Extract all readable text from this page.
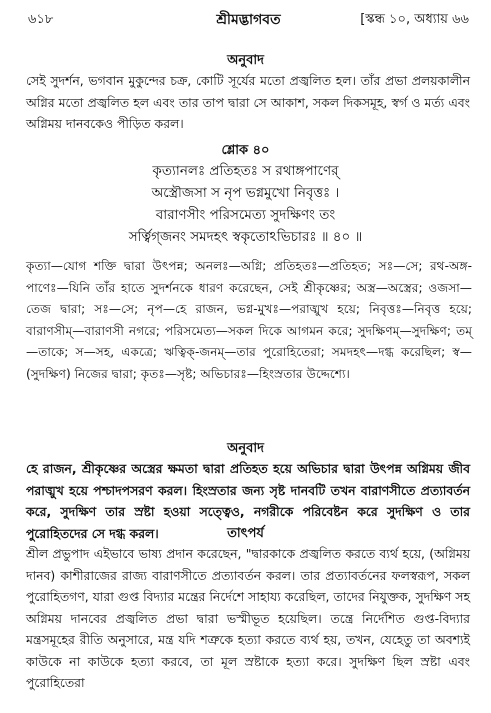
৬১৮	শ্রীমদ্ভাগবত	[স্কন্ধ ১০, অধ্যায় ৬৬
অনুবাদ

সেই সুদর্শন, ভগবান মুকুন্দের চক্র, কোটি সূর্যের মতো প্রজ্বলিত হল। তাঁর প্রভা প্রলয়কালীন অগ্নির মতো প্রজ্বলিত হল এবং তার তাপ দ্বারা সে আকাশ, সকল দিকসমূহ, স্বর্গ ও মর্ত্য এবং অগ্নিময় দানবকেও পীড়িত করল।

শ্লোক ৪০
কৃত্যানলঃ প্রতিহতঃ স রথাঙ্গপাণের্
অস্ত্রৌজসা স নৃপ ভগ্নমুখো নিবৃত্তঃ ।
বারাণসীং পরিসমেত্য সুদক্ষিণং তং
সর্ত্বিগ্জনং সমদহৎ স্বকৃতোঽভিচারঃ ॥ ৪০ ॥

কৃত্যা—যোগ শক্তি দ্বারা উৎপন্ন; অনলঃ—অগ্নি; প্রতিহতঃ—প্রতিহত; সঃ—সে; রথ-অঙ্গ-পাণেঃ—যিনি তাঁর হাতে সুদর্শনকে ধারণ করেছেন, সেই শ্রীকৃষ্ণের; অস্ত্র—অস্ত্রের; ওজসা—তেজ দ্বারা; সঃ—সে; নৃপ—হে রাজন, ভগ্ন-মুখঃ—পরাঙ্মুখ হয়ে; নিবৃত্তঃ—নিবৃত্ত হয়ে; বারাণসীম্—বারাণসী নগরে; পরিসমেত্য—সকল দিকে আগমন করে; সুদক্ষিণম্—সুদক্ষিণ; তম্—তাকে; স—সহ, একত্রে; ঋত্বিক্-জনম্—তার পুরোহিতেরা; সমদহৎ—দগ্ধ করেছিল; স্ব—(সুদক্ষিণ) নিজের দ্বারা; কৃতঃ—সৃষ্ট; অভিচারঃ—হিংস্রতার উদ্দেশ্যে।

অনুবাদ

হে রাজন, শ্রীকৃষ্ণের অস্ত্রের ক্ষমতা দ্বারা প্রতিহত হয়ে অভিচার দ্বারা উৎপন্ন অগ্নিময় জীব পরাঙ্মুখ হয়ে পশ্চাদপসরণ করল। হিংস্রতার জন্য সৃষ্ট দানবটি তখন বারাণসীতে প্রত্যাবর্তন করে, সুদক্ষিণ তার স্রষ্টা হওয়া সত্ত্বেও, নগরীকে পরিবেষ্টন করে সুদক্ষিণ ও তার পুরোহিতদের সে দগ্ধ করল।	তাৎপর্য

শ্রীল প্রভুপাদ এইভাবে ভাষ্য প্রদান করেছেন, "দ্বারকাকে প্রজ্বলিত করতে ব্যর্থ হয়ে, (অগ্নিময় দানব) কাশীরাজের রাজ্য বারাণসীতে প্রত্যাবর্তন করল। তার প্রত্যাবর্তনের ফলস্বরূপ, সকল পুরোহিতগণ, যারা গুপ্ত বিদ্যার মন্ত্রের নির্দেশে সাহায্য করেছিল, তাদের নিযুক্তক, সুদক্ষিণ সহ অগ্নিময় দানবের প্রজ্বলিত প্রভা দ্বারা ভস্মীভূত হয়েছিল। তন্ত্রে নির্দেশিত গুপ্ত-বিদ্যার মন্ত্রসমূহের রীতি অনুসারে, মন্ত্র যদি শত্রুকে হত্যা করতে ব্যর্থ হয়, তখন, যেহেতু তা অবশ্যই কাউকে না কাউকে হত্যা করবে, তা মূল স্রষ্টাকে হত্যা করে। সুদক্ষিণ ছিল স্রষ্টা এবং পুরোহিতেরা
